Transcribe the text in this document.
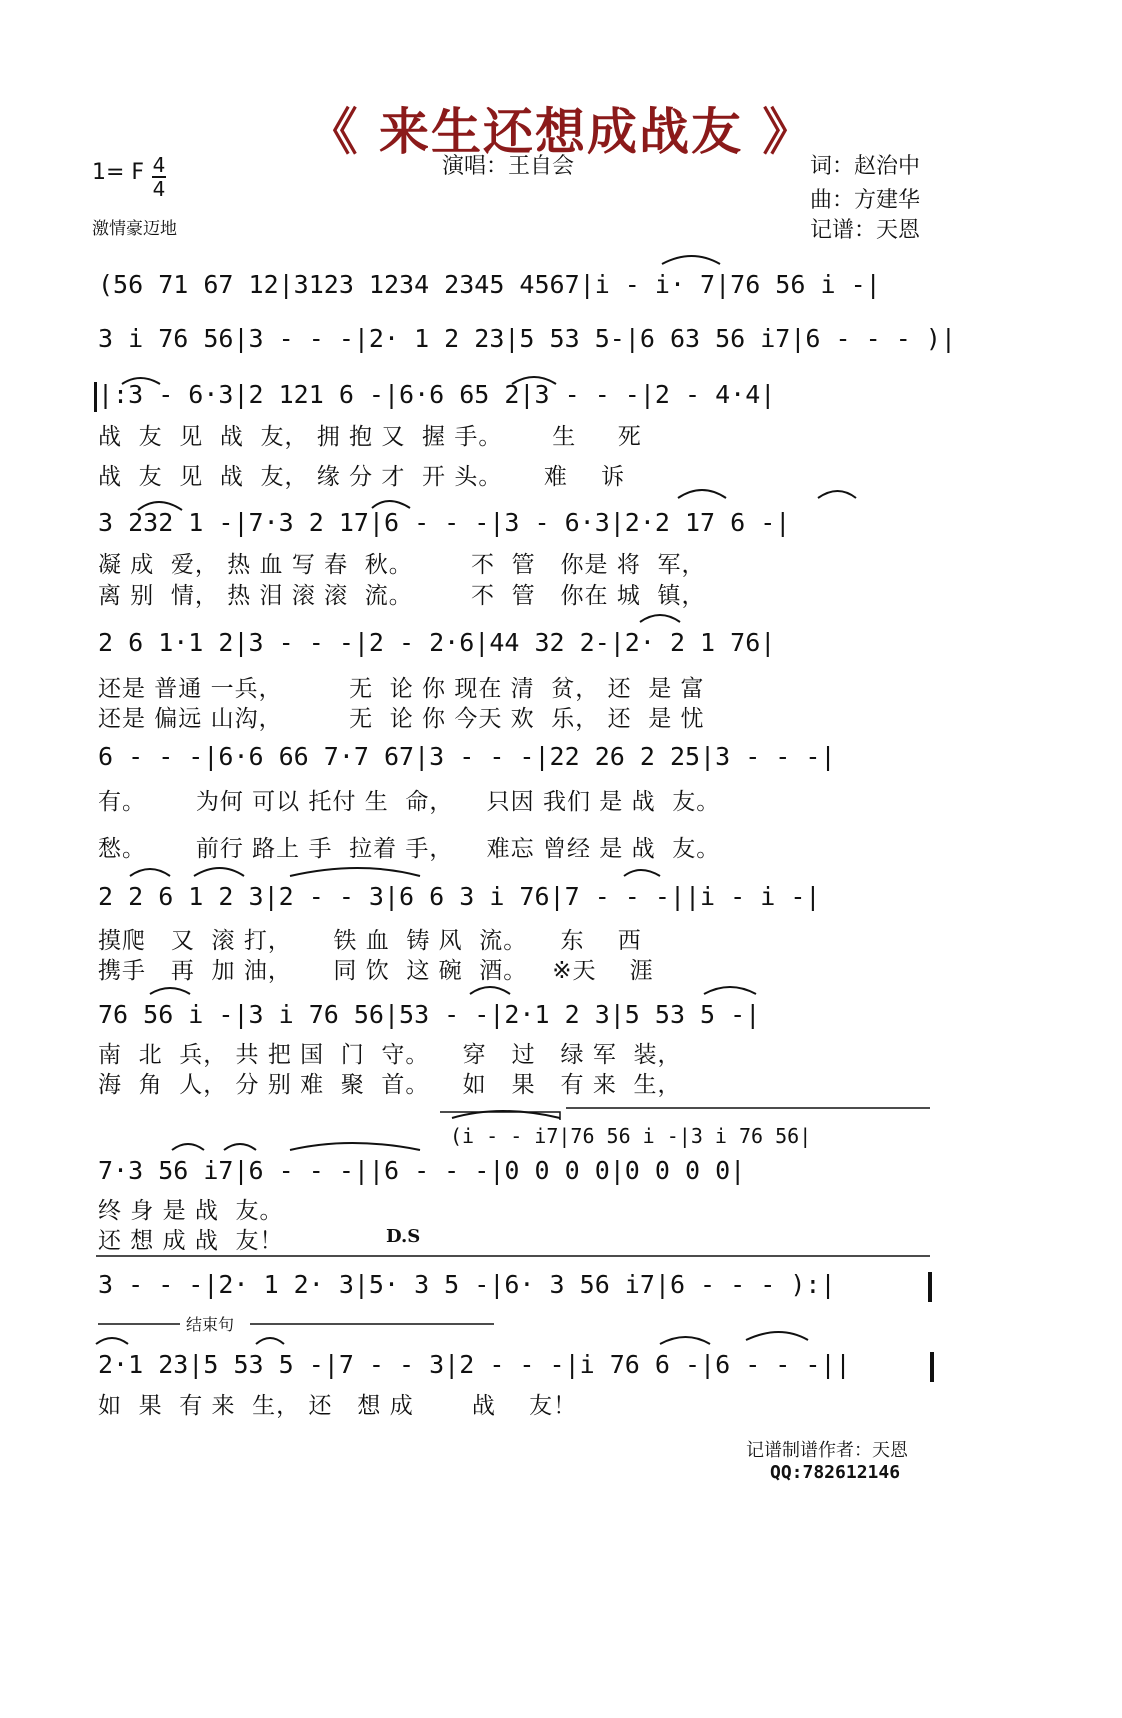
《 来生还想成战友 》
1= F $\frac{4}{4}$
激情豪迈地
演唱：王自会	词：赵治中
曲：方建华
记谱：天恩
(56 71 67 12|3123 1234 2345 4567|i - i· 7|76 56 i -|
3 i 76 56|3 - - -|2· 1 2 23|5 53 5-|6 63 56 i7|6 - - - )|
|:3 - 6·3|2 121 6 -|6·6 65 2|3 - - -|2 - 4·4|
战  友  见  战  友， 拥 抱 又  握 手。      生     死
战  友  见  战  友， 缘 分 才  开 头。     难    诉
3 232 1 -|7·3 2 17|6 - - -|3 - 6·3|2·2 17 6 -|
凝 成  爱， 热 血 写 春  秋。       不  管   你是 将  军，
离 别  情， 热 泪 滚 滚  流。       不  管   你在 城  镇，
2 6 1·1 2|3 - - -|2 - 2·6|44 32 2-|2· 2 1 76|
还是 普通 一兵，        无  论 你 现在 清  贫， 还  是 富
还是 偏远 山沟，        无  论 你 今天 欢  乐， 还  是 忧
6 - - -|6·6 66 7·7 67|3 - - -|22 26 2 25|3 - - -|
有。      为何 可以 托付 生  命，    只因 我们 是 战  友。
愁。      前行 路上 手  拉着 手，    难忘 曾经 是 战  友。
2 2 6 1 2 3|2 - - 3|6 6 3 i 76|7 - - -||i - i -|
摸爬   又  滚 打，     铁 血  铸 风  流。    东    西
携手   再  加 油，     同 饮  这 碗  酒。   ※天    涯
76 56 i -|3 i 76 56|53 - -|2·1 2 3|5 53 5 -|
南  北  兵， 共 把 国  门  守。    穿   过   绿 军  装，
海  角  人， 分 别 难  聚  首。    如   果   有 来  生，
(i - - i7|76 56 i -|3 i 76 56|
7·3 56 i7|6 - - -||6 - - -|0 0 0 0|0 0 0 0|
终 身 是 战  友。
还 想 成 战  友！	D.S
3 - - -|2· 1 2· 3|5· 3 5 -|6· 3 56 i7|6 - - - ):|
结束句
2·1 23|5 53 5 -|7 - - 3|2 - - -|i 76 6 -|6 - - -||
如  果  有 来  生， 还   想 成       战    友！
记谱制谱作者：天恩
QQ:782612146
